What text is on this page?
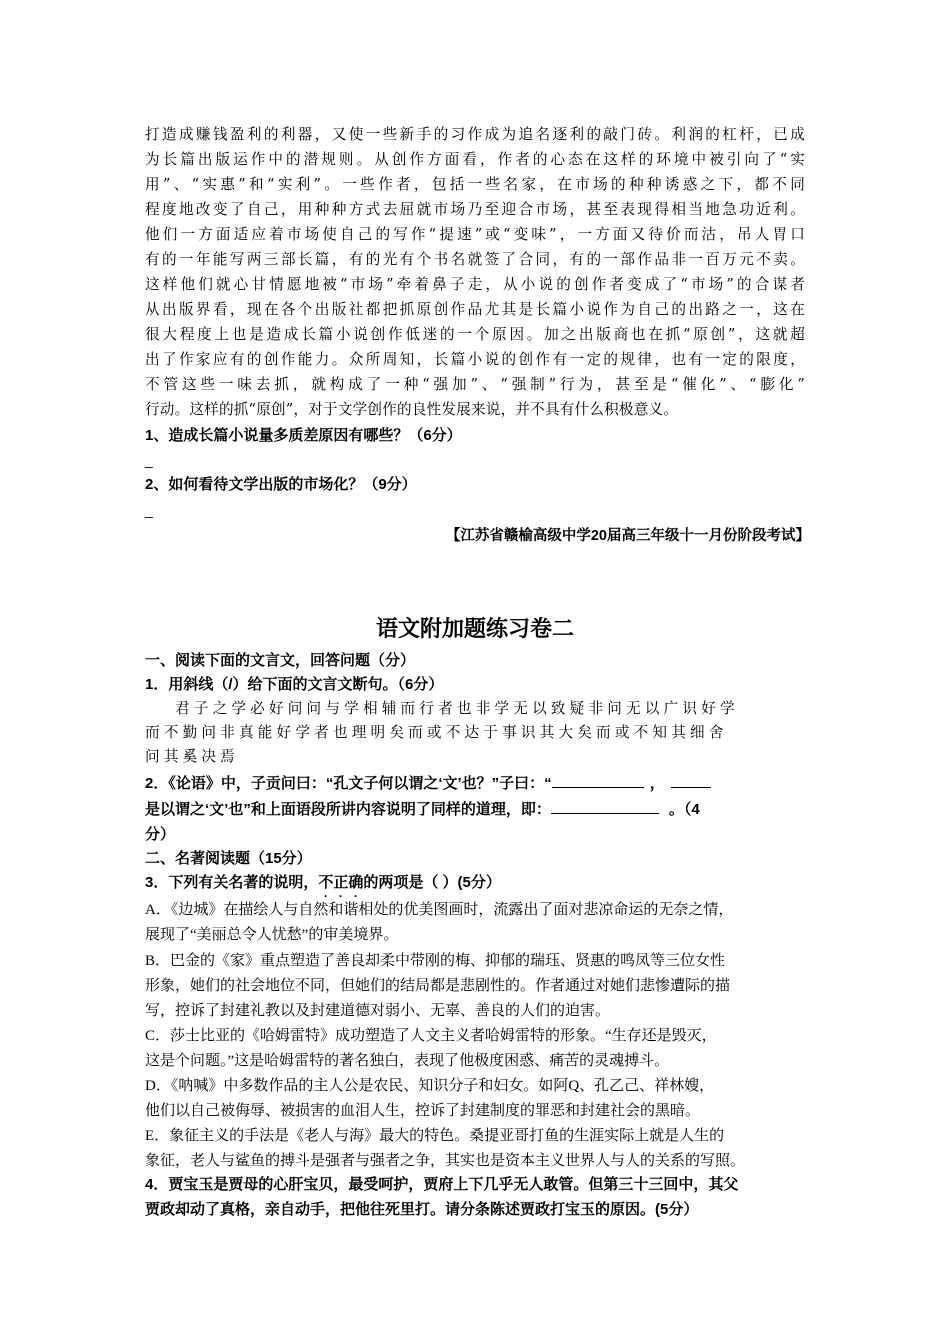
打造成赚钱盈利的利器，又使一些新手的习作成为追名逐利的敲门砖。利润的杠杆，已成
为长篇出版运作中的潜规则。从创作方面看，作者的心态在这样的环境中被引向了“实
用”、“实惠”和“实利”。一些作者，包括一些名家，在市场的种种诱惑之下，都不同
程度地改变了自己，用种种方式去屈就市场乃至迎合市场，甚至表现得相当地急功近利。
他们一方面适应着市场使自己的写作“提速”或“变味”，一方面又待价而沽，吊人胃口
有的一年能写两三部长篇，有的光有个书名就签了合同，有的一部作品非一百万元不卖。
这样他们就心甘情愿地被“市场”牵着鼻子走，从小说的创作者变成了“市场”的合谋者
从出版界看，现在各个出版社都把抓原创作品尤其是长篇小说作为自己的出路之一，这在
很大程度上也是造成长篇小说创作低迷的一个原因。加之出版商也在抓“原创”，这就超
出了作家应有的创作能力。众所周知，长篇小说的创作有一定的规律，也有一定的限度，
不管这些一味去抓，就构成了一种“强加”、“强制”行为，甚至是“催化”、“膨化”
行动。这样的抓“原创”，对于文学创作的良性发展来说，并不具有什么积极意义。
1、造成长篇小说量多质差原因有哪些？（6分）
_
2、如何看待文学出版的市场化？（9分）
_
【江苏省赣榆高级中学20届高三年级十一月份阶段考试】
语文附加题练习卷二
一、阅读下面的文言文，回答问题（分）
1．用斜线（/）给下面的文言文断句。（6分）
君子之学必好问问与学相辅而行者也非学无以致疑非问无以广识好学
而不勤问非真能好学者也理明矣而或不达于事识其大矣而或不知其细舍
问其奚决焉
2．《论语》中，子贡问曰：“孔文子何以谓之‘文’也？”子曰：“	，
是以谓之‘文’也”和上面语段所讲内容说明了同样的道理，即：	。（4
分）
二、名著阅读题（15分）
3．下列有关名著的说明，不正确的两项是（ ）(5分）
A．《边城》在描绘人与自然和谐相处的优美图画时，流露出了面对悲凉命运的无奈之情，
展现了“美丽总令人忧愁”的审美境界。
B．巴金的《家》重点塑造了善良却柔中带刚的梅、抑郁的瑞珏、贤惠的鸣凤等三位女性
形象，她们的社会地位不同，但她们的结局都是悲剧性的。作者通过对她们悲惨遭际的描
写，控诉了封建礼教以及封建道德对弱小、无辜、善良的人们的迫害。
C．莎士比亚的《哈姆雷特》成功塑造了人文主义者哈姆雷特的形象。“生存还是毁灭，
这是个问题。”这是哈姆雷特的著名独白，表现了他极度困惑、痛苦的灵魂搏斗。
D．《呐喊》中多数作品的主人公是农民、知识分子和妇女。如阿Q、孔乙己、祥林嫂，
他们以自己被侮辱、被损害的血泪人生，控诉了封建制度的罪恶和封建社会的黑暗。
E．象征主义的手法是《老人与海》最大的特色。桑提亚哥打鱼的生涯实际上就是人生的
象征，老人与鲨鱼的搏斗是强者与强者之争，其实也是资本主义世界人与人的关系的写照。
4．贾宝玉是贾母的心肝宝贝，最受呵护，贾府上下几乎无人敢管。但第三十三回中，其父
贾政却动了真格，亲自动手，把他往死里打。请分条陈述贾政打宝玉的原因。(5分）
